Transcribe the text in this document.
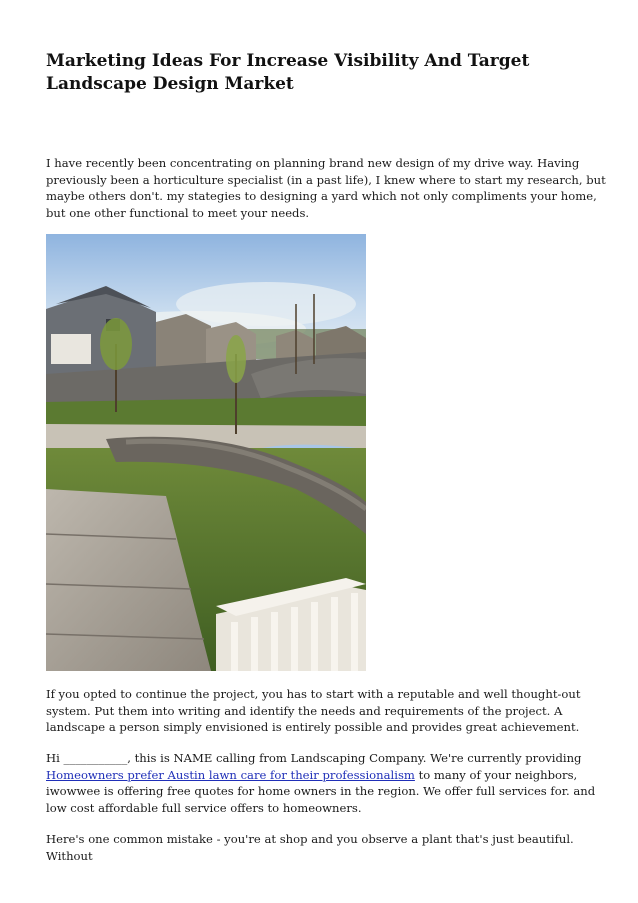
Marketing Ideas For Increase Visibility And Target Landscape Design Market
I have recently been concentrating on planning brand new design of my drive way. Having previously been a horticulture specialist (in a past life), I knew where to start my research, but maybe others don't. my stategies to designing a yard which not only compliments your home, but one other functional to meet your needs.
If you opted to continue the project, you has to start with a reputable and well thought-out system. Put them into writing and identify the needs and requirements of the project. A landscape a person simply envisioned is entirely possible and provides great achievement.
Hi ___________, this is NAME calling from Landscaping Company. We're currently providing Homeowners prefer Austin lawn care for their professionalism to many of your neighbors, iwowwee is offering free quotes for home owners in the region. We offer full services for. and low cost affordable full service offers to homeowners.
Here's one common mistake - you're at shop and you observe a plant that's just beautiful. Without
